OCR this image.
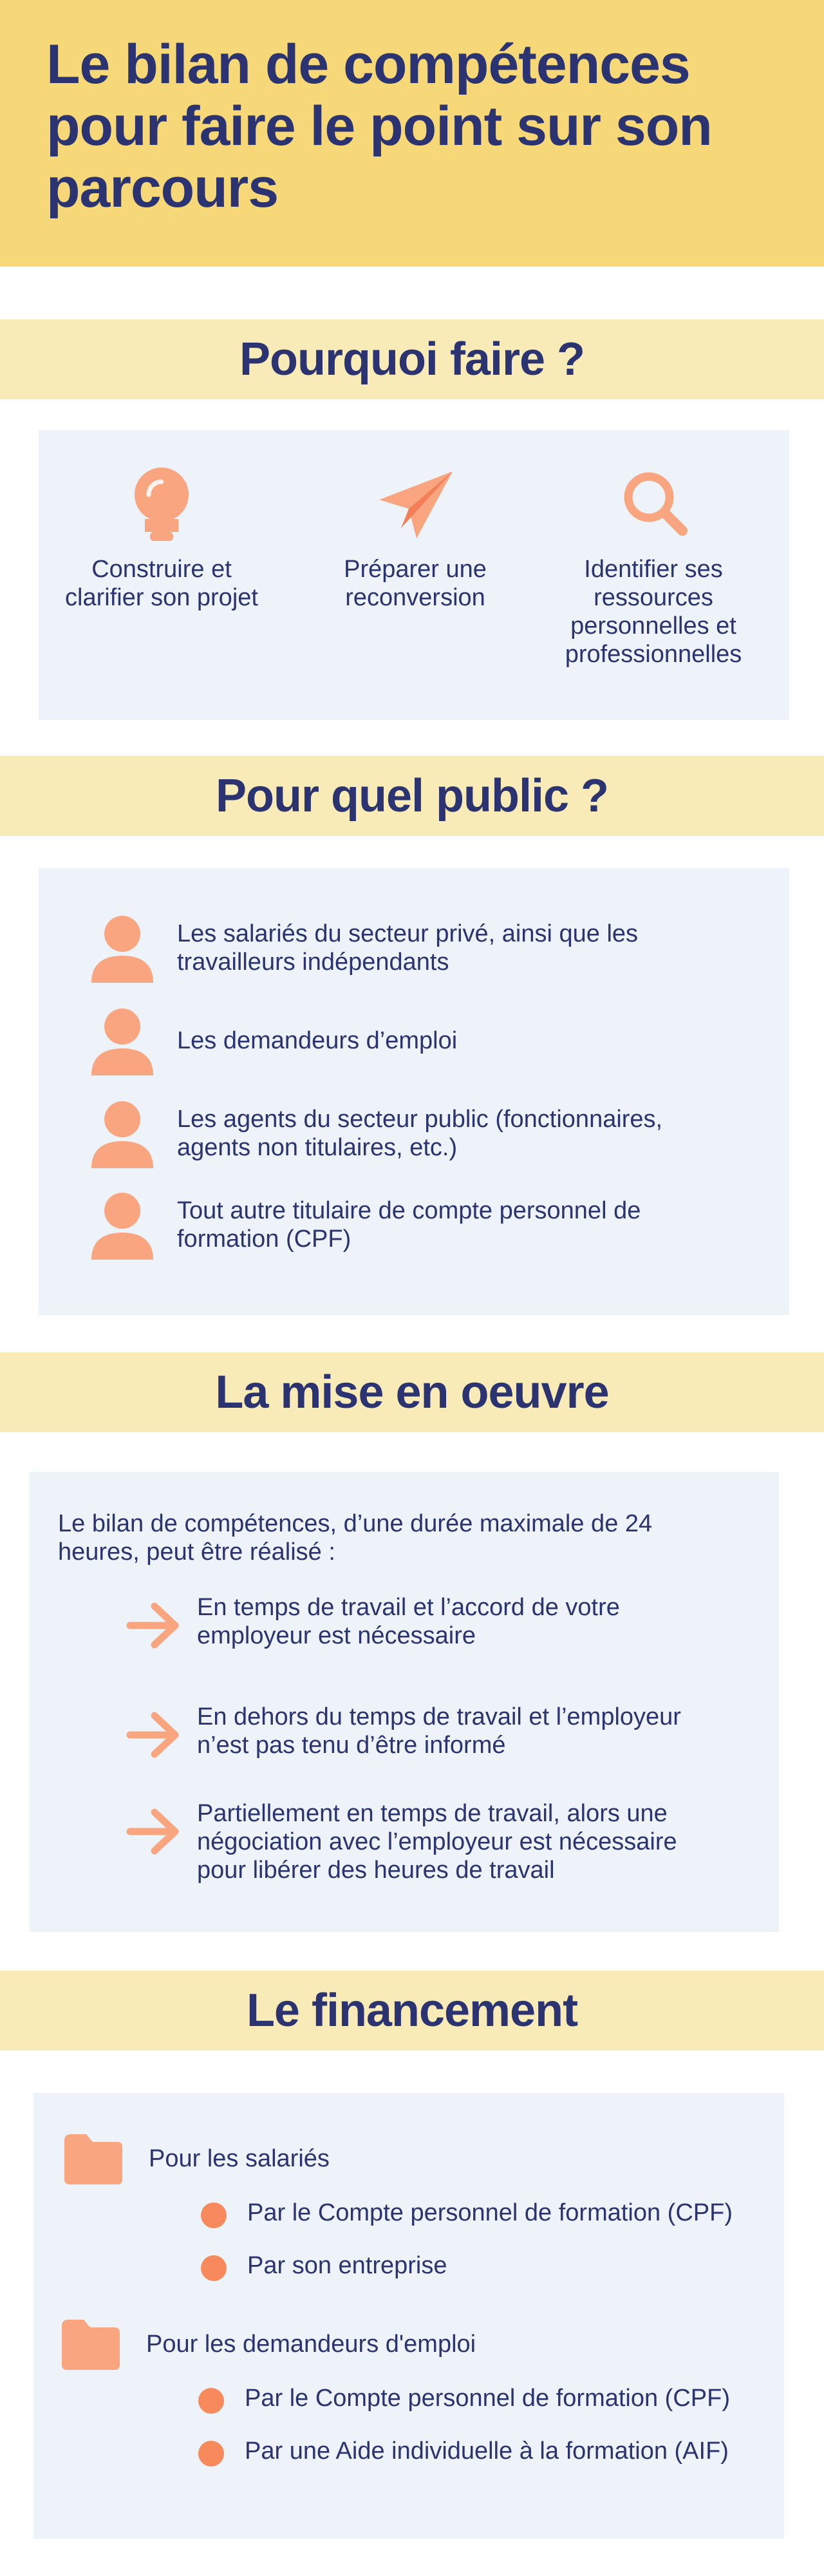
Le bilan de compétences pour faire le point sur son parcours
Pourquoi faire ?
Construire et clarifier son projet
Préparer une reconversion
Identifier ses ressources personnelles et professionnelles
Pour quel public ?
Les salariés du secteur privé, ainsi que les travailleurs indépendants
Les demandeurs d’emploi
Les agents du secteur public (fonctionnaires, agents non titulaires, etc.)
Tout autre titulaire de compte personnel de formation (CPF)
La mise en oeuvre
Le bilan de compétences, d’une durée maximale de 24 heures, peut être réalisé :
En temps de travail et l’accord de votre employeur est nécessaire
En dehors du temps de travail et l’employeur n’est pas tenu d’être informé
Partiellement en temps de travail, alors une négociation avec l’employeur est nécessaire pour libérer des heures de travail
Le financement
Pour les salariés
Par le Compte personnel de formation (CPF)
Par son entreprise
Pour les demandeurs d'emploi
Par le Compte personnel de formation (CPF)
Par une Aide individuelle à la formation (AIF)
